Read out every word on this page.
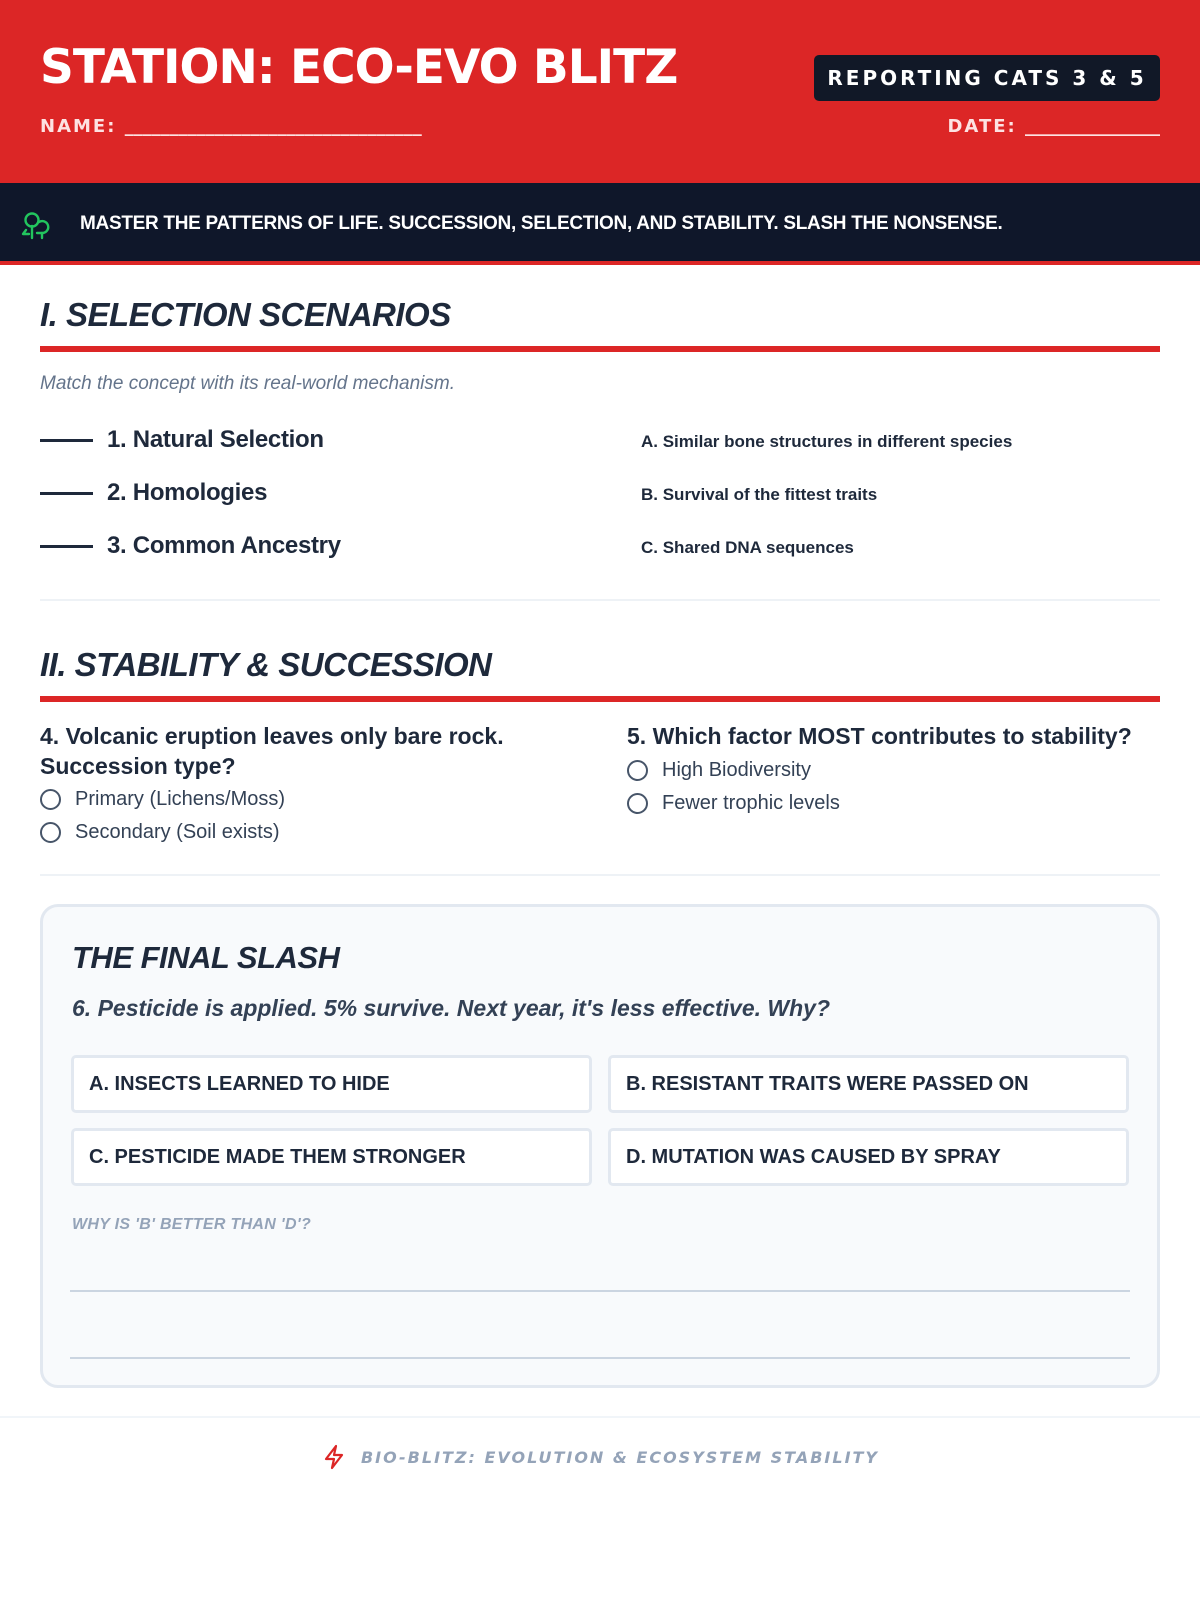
STATION: ECO-EVO BLITZ	REPORTING CATS 3 & 5
NAME: _________________________________	DATE: _______________
MASTER THE PATTERNS OF LIFE. SUCCESSION, SELECTION, AND STABILITY. SLASH THE NONSENSE.
I. SELECTION SCENARIOS
Match the concept with its real-world mechanism.
1. Natural Selection
2. Homologies
3. Common Ancestry
A. Similar bone structures in different species
B. Survival of the fittest traits
C. Shared DNA sequences
II. STABILITY & SUCCESSION
4. Volcanic eruption leaves only bare rock. Succession type?
Primary (Lichens/Moss)
Secondary (Soil exists)
5. Which factor MOST contributes to stability?
High Biodiversity
Fewer trophic levels
THE FINAL SLASH
6. Pesticide is applied. 5% survive. Next year, it's less effective. Why?
A. INSECTS LEARNED TO HIDE	B. RESISTANT TRAITS WERE PASSED ON
C. PESTICIDE MADE THEM STRONGER	D. MUTATION WAS CAUSED BY SPRAY
WHY IS 'B' BETTER THAN 'D'?
BIO-BLITZ: EVOLUTION & ECOSYSTEM STABILITY
